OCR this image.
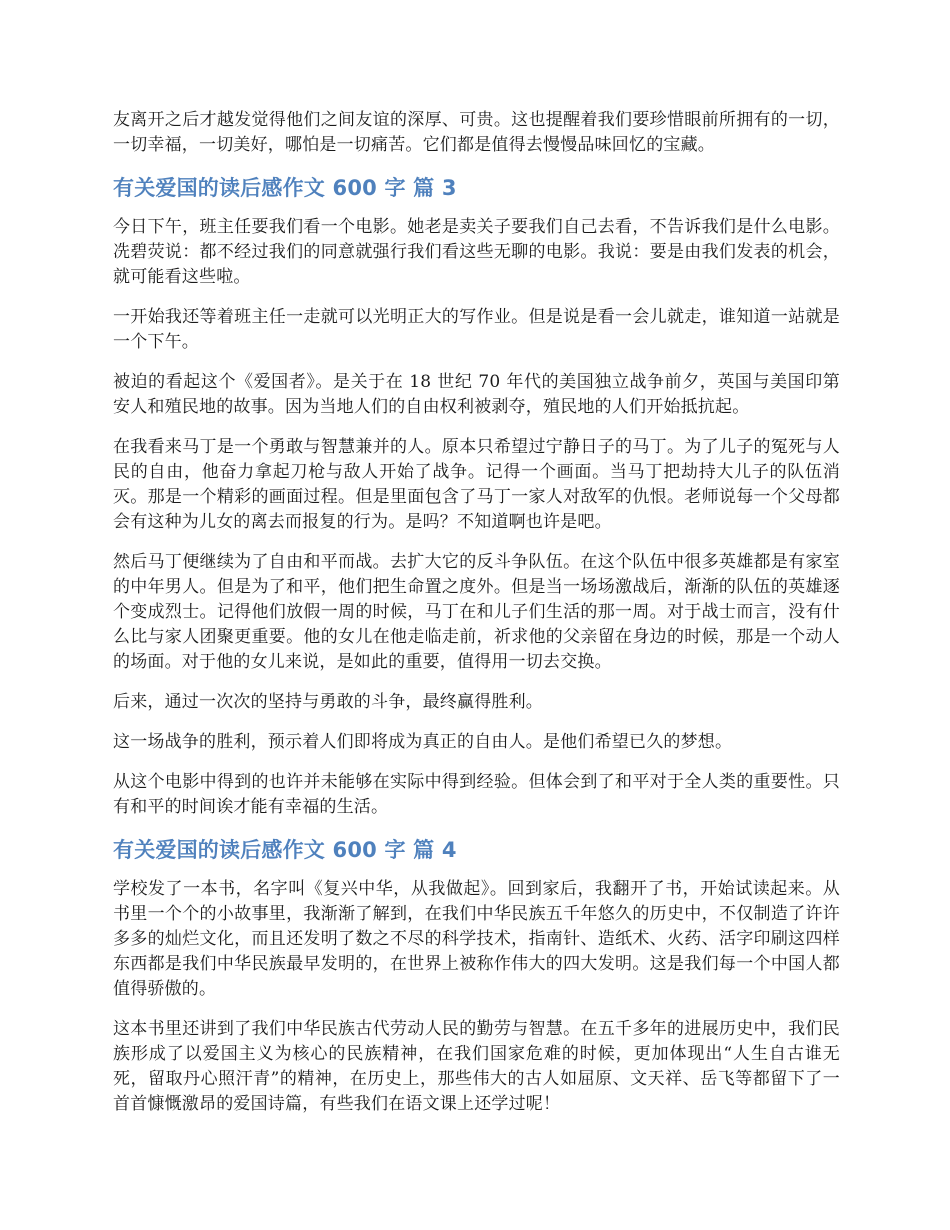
友离开之后才越发觉得他们之间友谊的深厚、可贵。这也提醒着我们要珍惜眼前所拥有的一切，一切幸福，一切美好，哪怕是一切痛苦。它们都是值得去慢慢品味回忆的宝藏。

有关爱国的读后感作文 600 字 篇 3

今日下午，班主任要我们看一个电影。她老是卖关子要我们自己去看，不告诉我们是什么电影。冼碧荧说：都不经过我们的同意就强行我们看这些无聊的电影。我说：要是由我们发表的机会，就可能看这些啦。

一开始我还等着班主任一走就可以光明正大的写作业。但是说是看一会儿就走，谁知道一站就是一个下午。

被迫的看起这个《爱国者》。是关于在 18 世纪 70 年代的美国独立战争前夕，英国与美国印第安人和殖民地的故事。因为当地人们的自由权利被剥夺，殖民地的人们开始抵抗起。

在我看来马丁是一个勇敢与智慧兼并的人。原本只希望过宁静日子的马丁。为了儿子的冤死与人民的自由，他奋力拿起刀枪与敌人开始了战争。记得一个画面。当马丁把劫持大儿子的队伍消灭。那是一个精彩的画面过程。但是里面包含了马丁一家人对敌军的仇恨。老师说每一个父母都会有这种为儿女的离去而报复的行为。是吗？不知道啊也许是吧。

然后马丁便继续为了自由和平而战。去扩大它的反斗争队伍。在这个队伍中很多英雄都是有家室的中年男人。但是为了和平，他们把生命置之度外。但是当一场场激战后，渐渐的队伍的英雄逐个变成烈士。记得他们放假一周的时候，马丁在和儿子们生活的那一周。对于战士而言，没有什么比与家人团聚更重要。他的女儿在他走临走前，祈求他的父亲留在身边的时候，那是一个动人的场面。对于他的女儿来说，是如此的重要，值得用一切去交换。

后来，通过一次次的坚持与勇敢的斗争，最终赢得胜利。

这一场战争的胜利，预示着人们即将成为真正的自由人。是他们希望已久的梦想。

从这个电影中得到的也许并未能够在实际中得到经验。但体会到了和平对于全人类的重要性。只有和平的时间诶才能有幸福的生活。

有关爱国的读后感作文 600 字 篇 4

学校发了一本书，名字叫《复兴中华，从我做起》。回到家后，我翻开了书，开始试读起来。从书里一个个的小故事里，我渐渐了解到，在我们中华民族五千年悠久的历史中，不仅制造了许许多多的灿烂文化，而且还发明了数之不尽的科学技术，指南针、造纸术、火药、活字印刷这四样东西都是我们中华民族最早发明的，在世界上被称作伟大的四大发明。这是我们每一个中国人都值得骄傲的。

这本书里还讲到了我们中华民族古代劳动人民的勤劳与智慧。在五千多年的进展历史中，我们民族形成了以爱国主义为核心的民族精神，在我们国家危难的时候，更加体现出“人生自古谁无死，留取丹心照汗青”的精神，在历史上，那些伟大的古人如屈原、文天祥、岳飞等都留下了一首首慷慨激昂的爱国诗篇，有些我们在语文课上还学过呢！
